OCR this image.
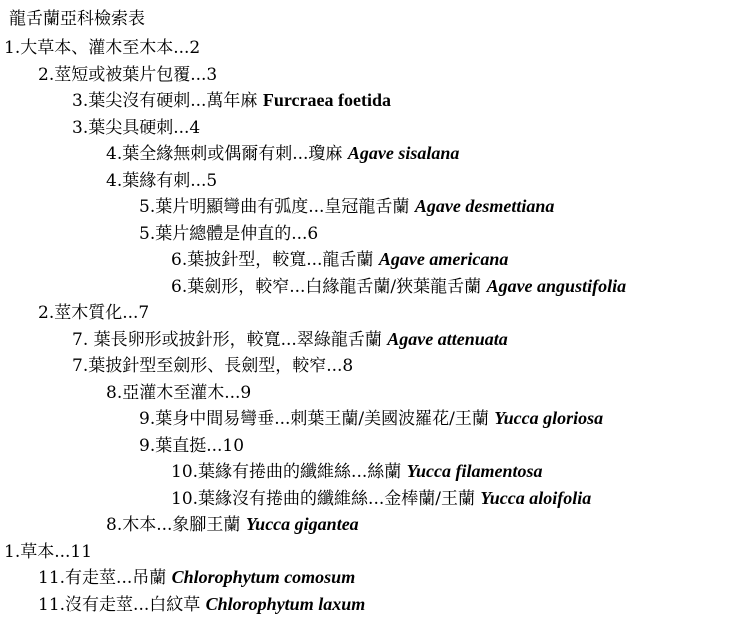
龍舌蘭亞科檢索表
1.大草本、灌木至木本...2
2.莖短或被葉片包覆...3
3.葉尖沒有硬刺...萬年麻 Furcraea foetida
3.葉尖具硬刺...4
4.葉全緣無刺或偶爾有刺...瓊麻 Agave sisalana
4.葉緣有刺...5
5.葉片明顯彎曲有弧度...皇冠龍舌蘭 Agave desmettiana
5.葉片總體是伸直的...6
6.葉披針型，較寬...龍舌蘭 Agave americana
6.葉劍形，較窄...白緣龍舌蘭/狹葉龍舌蘭 Agave angustifolia
2.莖木質化...7
7. 葉長卵形或披針形，較寬...翠綠龍舌蘭 Agave attenuata
7.葉披針型至劍形、長劍型，較窄...8
8.亞灌木至灌木...9
9.葉身中間易彎垂...刺葉王蘭/美國波羅花/王蘭 Yucca gloriosa
9.葉直挺...10
10.葉緣有捲曲的纖維絲...絲蘭 Yucca filamentosa
10.葉緣沒有捲曲的纖維絲...金棒蘭/王蘭 Yucca aloifolia
8.木本...象腳王蘭 Yucca gigantea
1.草本...11
11.有走莖...吊蘭 Chlorophytum comosum
11.沒有走莖...白紋草 Chlorophytum laxum
